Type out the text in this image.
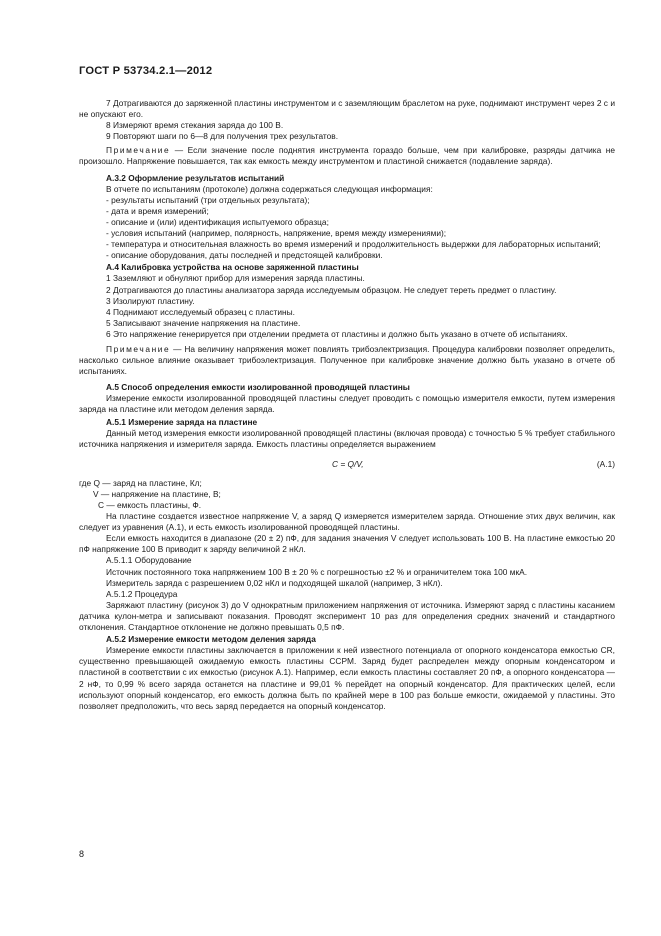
ГОСТ Р 53734.2.1—2012

7 Дотрагиваются до заряженной пластины инструментом и с заземляющим браслетом на руке, поднимают инструмент через 2 с и не опускают его.

8 Измеряют время стекания заряда до 100 В.

9 Повторяют шаги по 6—8 для получения трех результатов.

Примечание — Если значение после поднятия инструмента гораздо больше, чем при калибровке, разряды датчика не произошло. Напряжение повышается, так как емкость между инструментом и пластиной снижается (подавление заряда).

А.3.2 Оформление результатов испытаний

В отчете по испытаниям (протоколе) должна содержаться следующая информация:

- результаты испытаний (три отдельных результата);

- дата и время измерений;

- описание и (или) идентификация испытуемого образца;

- условия испытаний (например, полярность, напряжение, время между измерениями);

- температура и относительная влажность во время измерений и продолжительность выдержки для лабораторных испытаний;

- описание оборудования, даты последней и предстоящей калибровки.

А.4 Калибровка устройства на основе заряженной пластины

1 Заземляют и обнуляют прибор для измерения заряда пластины.

2 Дотрагиваются до пластины анализатора заряда исследуемым образцом. Не следует тереть предмет о пластину.

3 Изолируют пластину.

4 Поднимают исследуемый образец с пластины.

5 Записывают значение напряжения на пластине.

6 Это напряжение генерируется при отделении предмета от пластины и должно быть указано в отчете об испытаниях.

Примечание — На величину напряжения может повлиять трибоэлектризация. Процедура калибровки позволяет определить, насколько сильное влияние оказывает трибоэлектризация. Полученное при калибровке значение должно быть указано в отчете об испытаниях.

А.5 Способ определения емкости изолированной проводящей пластины

Измерение емкости изолированной проводящей пластины следует проводить с помощью измерителя емкости, путем измерения заряда на пластине или методом деления заряда.

А.5.1 Измерение заряда на пластине

Данный метод измерения емкости изолированной проводящей пластины (включая провода) с точностью 5 % требует стабильного источника напряжения и измерителя заряда. Емкость пластины определяется выражением

C = Q/V,	(А.1)

где Q — заряд на пластине, Кл;

V — напряжение на пластине, В;

C — емкость пластины, Ф.

На пластине создается известное напряжение V, а заряд Q измеряется измерителем заряда. Отношение этих двух величин, как следует из уравнения (А.1), и есть емкость изолированной проводящей пластины.

Если емкость находится в диапазоне (20 ± 2) пФ, для задания значения V следует использовать 100 В. На пластине емкостью 20 пФ напряжение 100 В приводит к заряду величиной 2 нКл.

А.5.1.1 Оборудование

Источник постоянного тока напряжением 100 В ± 20 % с погрешностью ±2 % и ограничителем тока 100 мкА.

Измеритель заряда с разрешением 0,02 нКл и подходящей шкалой (например, 3 нКл).

А.5.1.2 Процедура

Заряжают пластину (рисунок 3) до V однократным приложением напряжения от источника. Измеряют заряд с пластины касанием датчика кулон-метра и записывают показания. Проводят эксперимент 10 раз для определения средних значений и стандартного отклонения. Стандартное отклонение не должно превышать 0,5 пФ.

А.5.2 Измерение емкости методом деления заряда

Измерение емкости пластины заключается в приложении к ней известного потенциала от опорного конденсатора емкостью CR, существенно превышающей ожидаемую емкость пластины CCPM. Заряд будет распределен между опорным конденсатором и пластиной в соответствии с их емкостью (рисунок А.1). Например, если емкость пластины составляет 20 пФ, а опорного конденсатора — 2 нФ, то 0,99 % всего заряда останется на пластине и 99,01 % перейдет на опорный конденсатор. Для практических целей, если используют опорный конденсатор, его емкость должна быть по крайней мере в 100 раз больше емкости, ожидаемой у пластины. Это позволяет предположить, что весь заряд передается на опорный конденсатор.

8
